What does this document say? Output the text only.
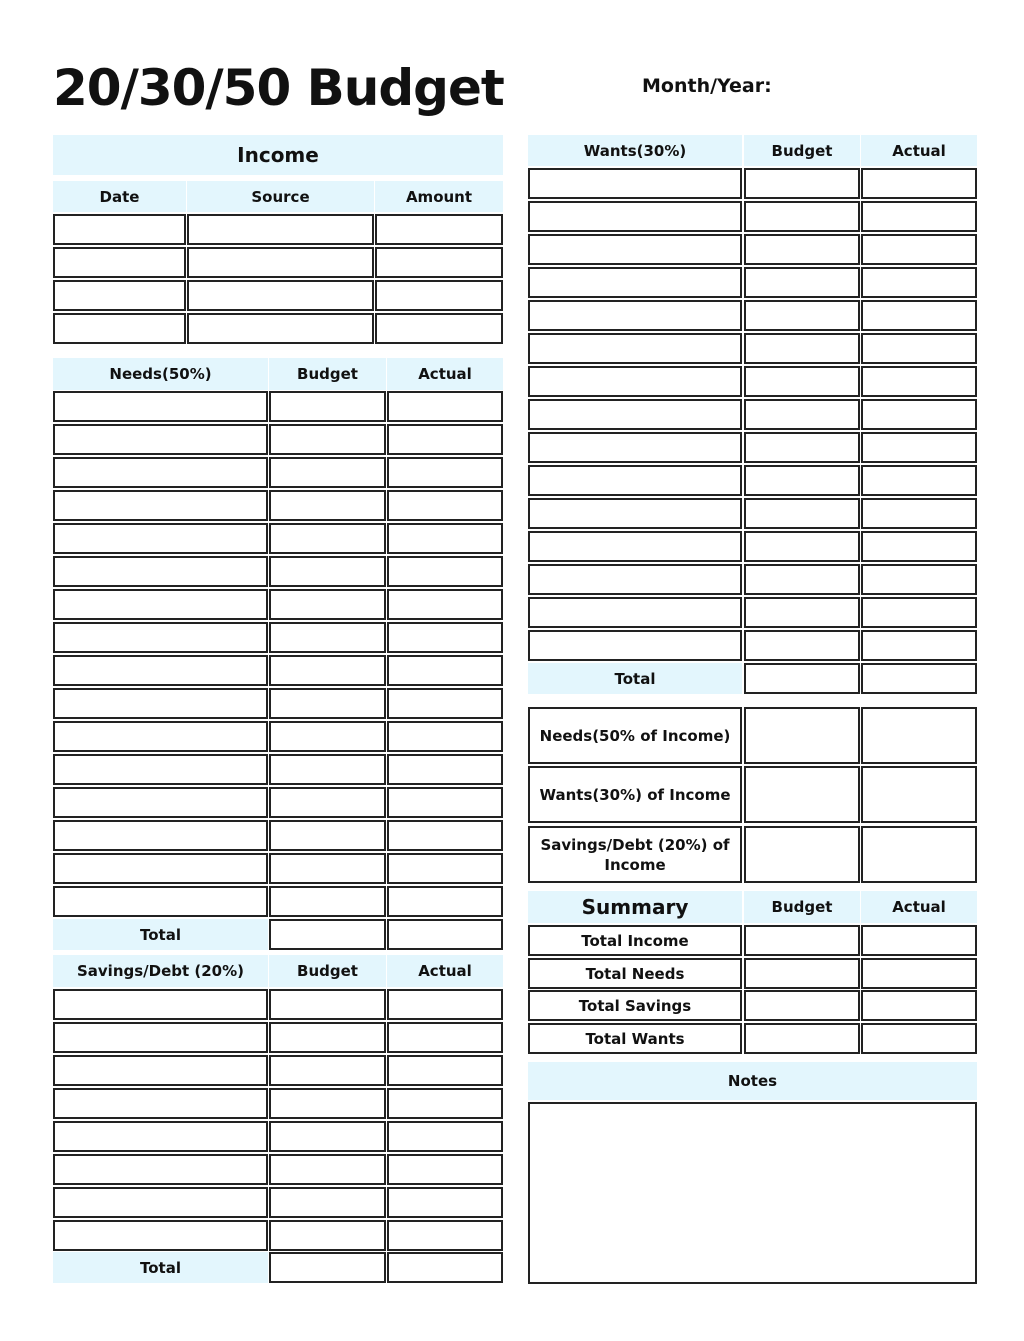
20/30/50 Budget	Month/Year:
Income
Date	Source	Amount
Needs(50%)	Budget	Actual
Total
Savings/Debt (20%)	Budget	Actual
Total
Wants(30%)	Budget	Actual
Total
Needs(50% of Income)
Wants(30%) of Income
Savings/Debt (20%) of Income
Summary	Budget	Actual
Total Income
Total Needs
Total Savings
Total Wants
Notes
